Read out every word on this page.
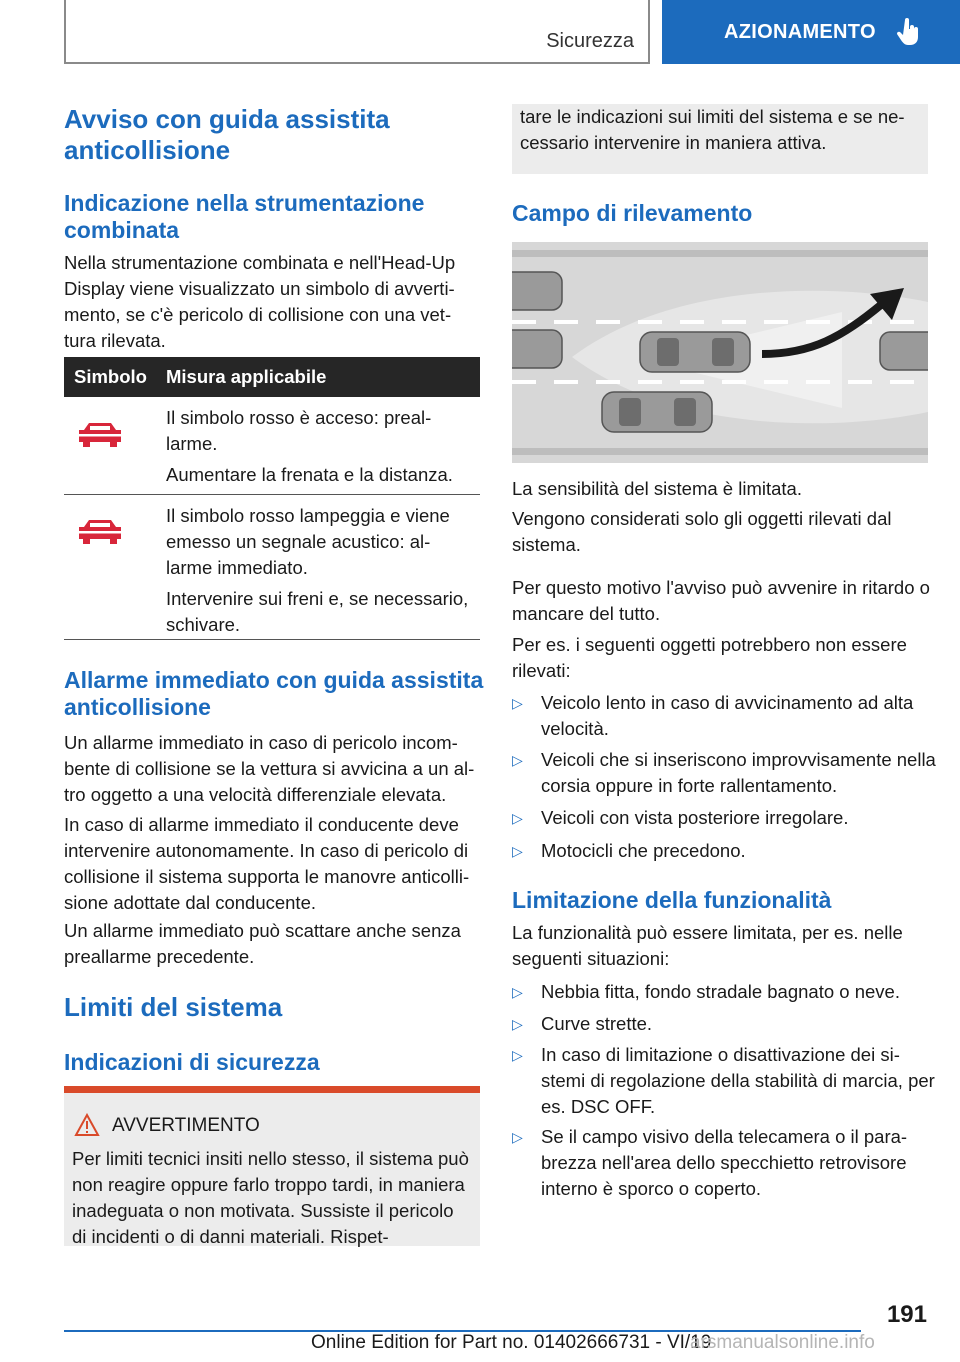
Sicurezza	AZIONAMENTO
Avviso con guida assistita anticollisione
Indicazione nella strumentazione combinata
Nella strumentazione combinata e nell'Head-Up Display viene visualizzato un simbolo di avverti-mento, se c'è pericolo di collisione con una vet-tura rilevata.
Simbolo Misura applicabile
Il simbolo rosso è acceso: preal-larme.
Aumentare la frenata e la distanza.
Il simbolo rosso lampeggia e viene emesso un segnale acustico: al-larme immediato.
Intervenire sui freni e, se necessario, schivare.
Allarme immediato con guida assistita anticollisione
Un allarme immediato in caso di pericolo incom-bente di collisione se la vettura si avvicina a un al-tro oggetto a una velocità differenziale elevata.
In caso di allarme immediato il conducente deve intervenire autonomamente. In caso di pericolo di collisione il sistema supporta le manovre anticolli-sione adottate dal conducente.
Un allarme immediato può scattare anche senza preallarme precedente.
Limiti del sistema
Indicazioni di sicurezza
AVVERTIMENTO
Per limiti tecnici insiti nello stesso, il sistema può non reagire oppure farlo troppo tardi, in maniera inadeguata o non motivata. Sussiste il pericolo di incidenti o di danni materiali. Rispet-
tare le indicazioni sui limiti del sistema e se ne-cessario intervenire in maniera attiva.
Campo di rilevamento
La sensibilità del sistema è limitata.
Vengono considerati solo gli oggetti rilevati dal sistema.
Per questo motivo l'avviso può avvenire in ritardo o mancare del tutto.
Per es. i seguenti oggetti potrebbero non essere rilevati:
▷ Veicolo lento in caso di avvicinamento ad alta velocità.
▷ Veicoli che si inseriscono improvvisamente nella corsia oppure in forte rallentamento.
▷ Veicoli con vista posteriore irregolare.
▷ Motocicli che precedono.
Limitazione della funzionalità
La funzionalità può essere limitata, per es. nelle seguenti situazioni:
▷ Nebbia fitta, fondo stradale bagnato o neve.
▷ Curve strette.
▷ In caso di limitazione o disattivazione dei si-stemi di regolazione della stabilità di marcia, per es. DSC OFF.
▷ Se il campo visivo della telecamera o il para-brezza nell'area dello specchietto retrovisore interno è sporco o coperto.
191
Online Edition for Part no. 01402666731 - VI/19
arsmanualsonline.info
